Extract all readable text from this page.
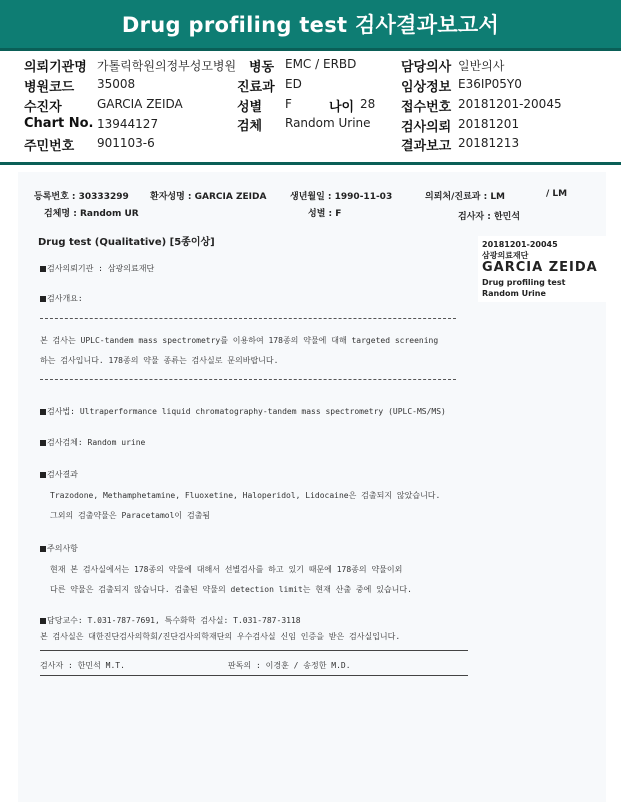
Drug profiling test 검사결과보고서
의뢰기관명 가톨릭학원의정부성모병원 병동 EMC / ERBD	담당의사 일반의사
병원코드 35008	진료과 ED	임상정보 E36IP05Y0
수진자	GARCIA ZEIDA	성별 F	나이 28 접수번호 20181201-20045
Chart No. 13944127	검체 Random Urine 검사의뢰 20181201
주민번호 901103-6	결과보고 20181213
등록번호 : 30333299 환자성명 : GARCIA ZEIDA	생년월일 : 1990-11-03	의뢰처/진료과 : LM	/ LM
검체명 : Random UR	성별 : F	검사자 : 한민석
Drug test (Qualitative) [5종이상]	20181201-20045
삼광의료재단
GARCIA ZEIDA
Drug profiling test
Random Urine
검사의뢰기관 : 삼광의료재단
검사개요:
본 검사는 UPLC-tandem mass spectrometry를 이용하여 178종의 약물에 대해 targeted screening
하는 검사입니다. 178종의 약물 종류는 검사실로 문의바랍니다.
검사법: Ultraperformance liquid chromatography-tandem mass spectrometry (UPLC-MS/MS)
검사검체: Random urine
검사결과
Trazodone, Methamphetamine, Fluoxetine, Haloperidol, Lidocaine은 검출되지 않았습니다.
그외의 검출약물은 Paracetamol이 검출됨
주의사항
현재 본 검사실에서는 178종의 약물에 대해서 선별검사를 하고 있기 때문에 178종의 약물이외
다른 약물은 검출되지 않습니다. 검출된 약물의 detection limit는 현재 산출 중에 있습니다.
담당교수: T.031-787-7691, 특수화학 검사실: T.031-787-3118
본 검사실은 대한진단검사의학회/진단검사의학재단의 우수검사실 신임 인증을 받은 검사실입니다.
검사자 : 한민석 M.T.	판독의 : 이경훈 / 송정한 M.D.
